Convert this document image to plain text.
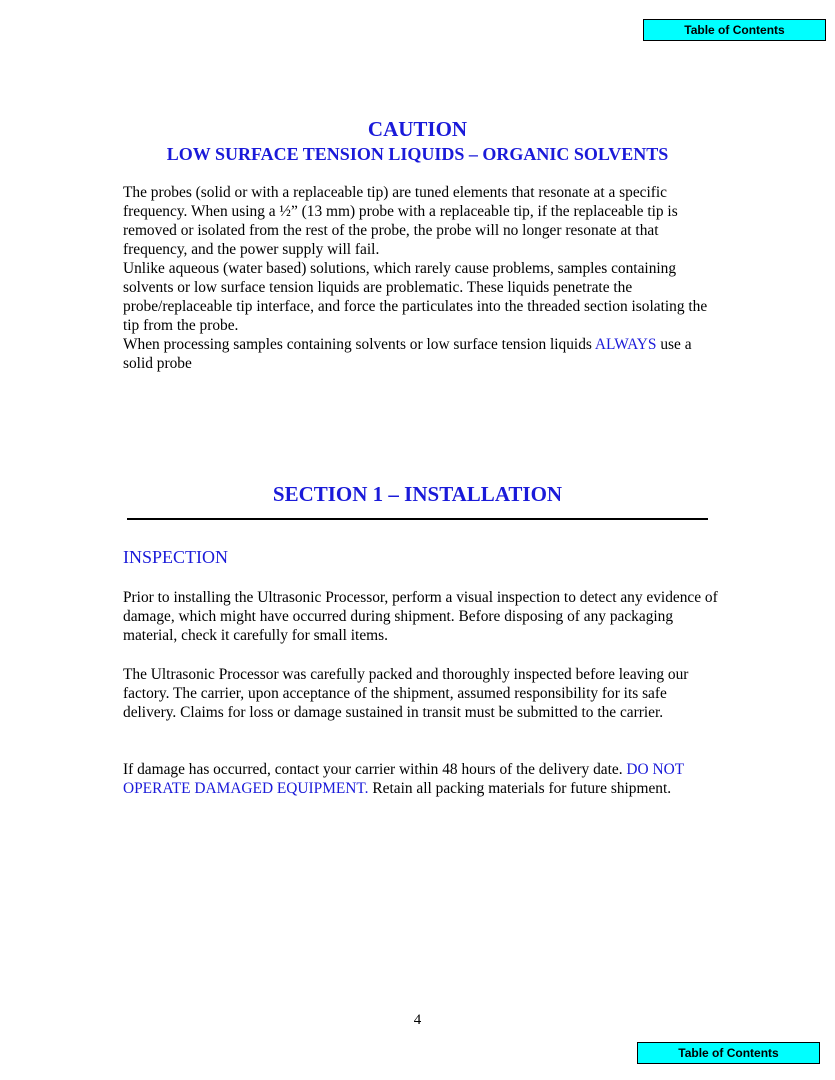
Table of Contents
CAUTION
LOW SURFACE TENSION LIQUIDS – ORGANIC SOLVENTS
The probes (solid or with a replaceable tip) are tuned elements that resonate at a specific frequency. When using a ½” (13 mm) probe with a replaceable tip, if the replaceable tip is removed or isolated from the rest of the probe, the probe will no longer resonate at that frequency, and the power supply will fail.
Unlike aqueous (water based) solutions, which rarely cause problems, samples containing solvents or low surface tension liquids are problematic. These liquids penetrate the probe/replaceable tip interface, and force the particulates into the threaded section isolating the tip from the probe.
When processing samples containing solvents or low surface tension liquids ALWAYS use a solid probe
SECTION 1 – INSTALLATION
INSPECTION

Prior to installing the Ultrasonic Processor, perform a visual inspection to detect any evidence of damage, which might have occurred during shipment. Before disposing of any packaging material, check it carefully for small items.

The Ultrasonic Processor was carefully packed and thoroughly inspected before leaving our factory. The carrier, upon acceptance of the shipment, assumed responsibility for its safe delivery. Claims for loss or damage sustained in transit must be submitted to the carrier.

If damage has occurred, contact your carrier within 48 hours of the delivery date. DO NOT OPERATE DAMAGED EQUIPMENT. Retain all packing materials for future shipment.

4
Table of Contents
